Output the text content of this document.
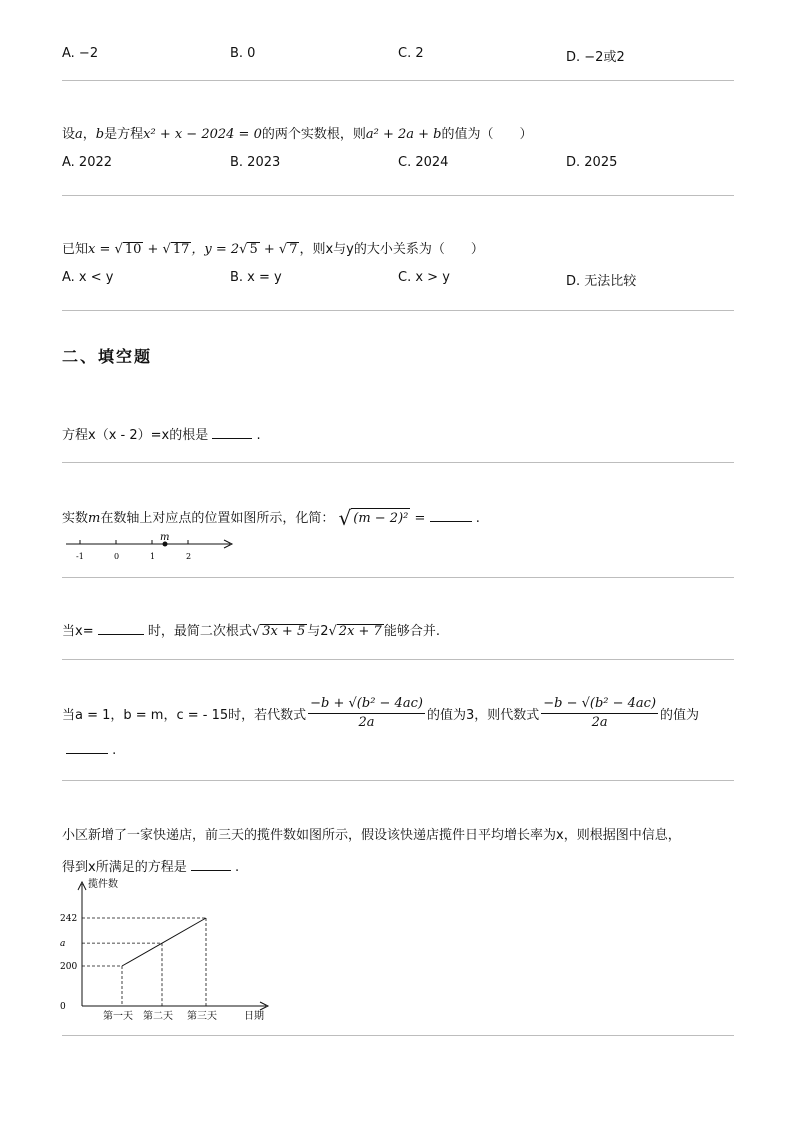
A. −2	B. 0	C. 2	D. −2或2
设a，b是方程x² + x − 2024 = 0的两个实数根，则a² + 2a + b的值为（　　）
A. 2022	B. 2023	C. 2024	D. 2025
已知x = √ 10 + √ 17 ，y = 2√ 5 + √ 7 ，则x与y的大小关系为（　　）
A. x < y	B. x = y	C. x > y	D. 无法比较
二、填空题
方程x（x - 2）=x的根是	.
实数m在数轴上对应点的位置如图所示，化简： √ (m − 2)² =	.
-1	0	1	2
m
当x=	时，最简二次根式√ 3x + 5 与2√ 2x + 7 能够合并.
当a = 1，b = m，c = - 15时，若代数式 $\frac{\text{−b + √(b² − 4ac)}}{2a}$ 的值为3，则代数式 $\frac{\text{−b − √(b² − 4ac)}}{2a}$ 的值为
.
小区新增了一家快递店，前三天的揽件数如图所示，假设该快递店揽件日平均增长率为x，则根据图中信息，
得到x所满足的方程是	.
揽件数
日期
0
200
a
242
第一天 第二天 第三天
